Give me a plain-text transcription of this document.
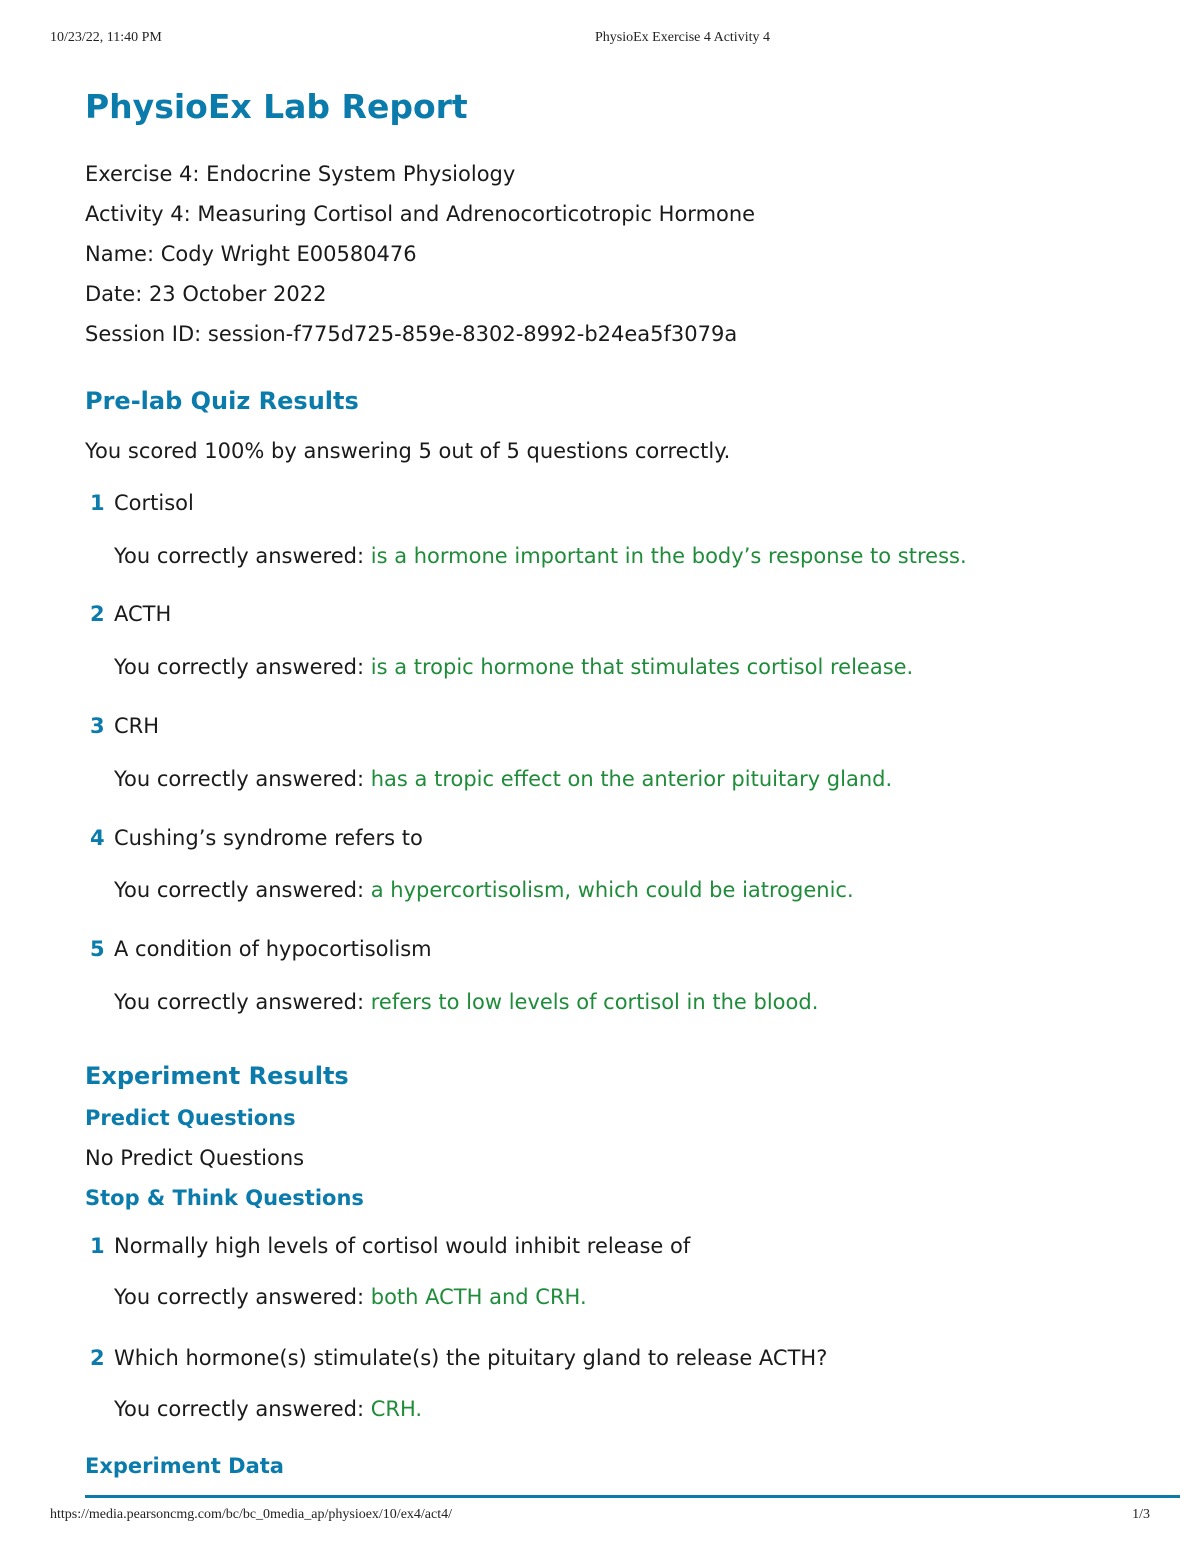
10/23/22, 11:40 PM	PhysioEx Exercise 4 Activity 4
PhysioEx Lab Report
Exercise 4: Endocrine System Physiology
Activity 4: Measuring Cortisol and Adrenocorticotropic Hormone
Name: Cody Wright E00580476
Date: 23 October 2022
Session ID: session-f775d725-859e-8302-8992-b24ea5f3079a
Pre-lab Quiz Results
You scored 100% by answering 5 out of 5 questions correctly.
1 Cortisol
You correctly answered: is a hormone important in the body’s response to stress.
2 ACTH
You correctly answered: is a tropic hormone that stimulates cortisol release.
3 CRH
You correctly answered: has a tropic effect on the anterior pituitary gland.
4 Cushing’s syndrome refers to
You correctly answered: a hypercortisolism, which could be iatrogenic.
5 A condition of hypocortisolism
You correctly answered: refers to low levels of cortisol in the blood.
Experiment Results
Predict Questions
No Predict Questions
Stop & Think Questions
1 Normally high levels of cortisol would inhibit release of
You correctly answered: both ACTH and CRH.
2 Which hormone(s) stimulate(s) the pituitary gland to release ACTH?
You correctly answered: CRH.
Experiment Data
https://media.pearsoncmg.com/bc/bc_0media_ap/physioex/10/ex4/act4/	1/3
